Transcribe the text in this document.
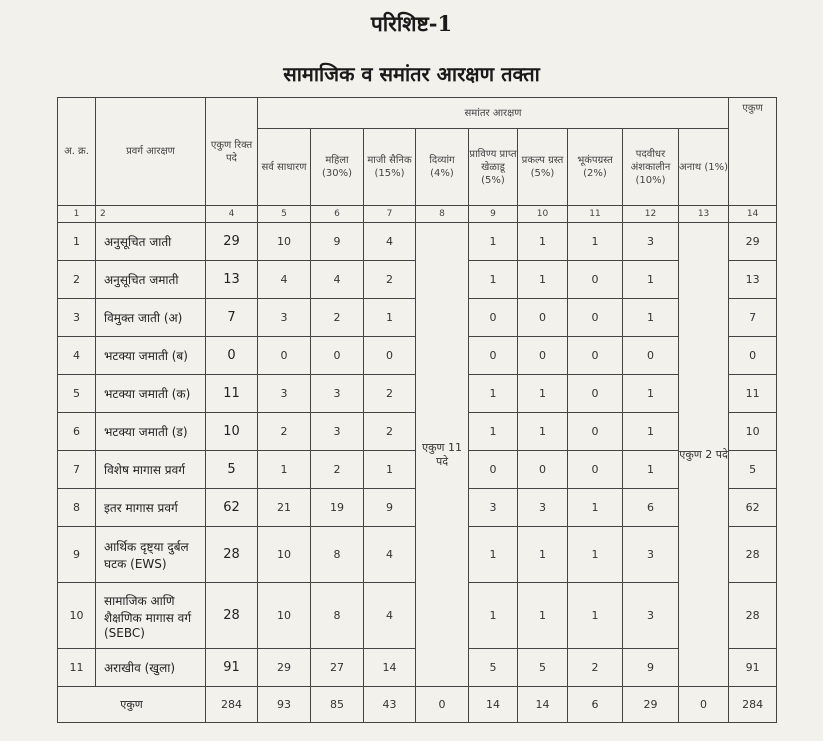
परिशिष्ट-1
सामाजिक व समांतर आरक्षण तक्ता
अ. क्र.	प्रवर्ग आरक्षण	एकुण रिक्त पदे	समांतर आरक्षण									एकुण
			सर्व साधारण	महिला (30%)	माजी सैनिक (15%)	दिव्यांग (4%)	प्राविण्य प्राप्त खेळाडू (5%)	प्रकल्प ग्रस्त (5%)	भूकंपग्रस्त (2%)	पदवीधर अंशकालीन (10%)	अनाथ (1%)	
1	2	4	5	6	7	8	9	10	11	12	13	14
1	अनुसूचित जाती	29	10	9	4	एकुण 11 पदे	1	1	1	3	एकुण 2 पदे	29
2	अनुसूचित जमाती	13	4	4	2		1	1	0	1		13
3	विमुक्त जाती (अ)	7	3	2	1		0	0	0	1		7
4	भटक्या जमाती (ब)	0	0	0	0		0	0	0	0		0
5	भटक्या जमाती (क)	11	3	3	2		1	1	0	1		11
6	भटक्या जमाती (ड)	10	2	3	2		1	1	0	1		10
7	विशेष मागास प्रवर्ग	5	1	2	1		0	0	0	1		5
8	इतर मागास प्रवर्ग	62	21	19	9		3	3	1	6		62
9	आर्थिक दृष्ट्या दुर्बल घटक (EWS)	28	10	8	4		1	1	1	3		28
10	सामाजिक आणि शैक्षणिक मागास वर्ग (SEBC)	28	10	8	4		1	1	1	3		28
11	अराखीव (खुला)	91	29	27	14		5	5	2	9		91
एकुण		284	93	85	43	0	14	14	6	29	0	284
